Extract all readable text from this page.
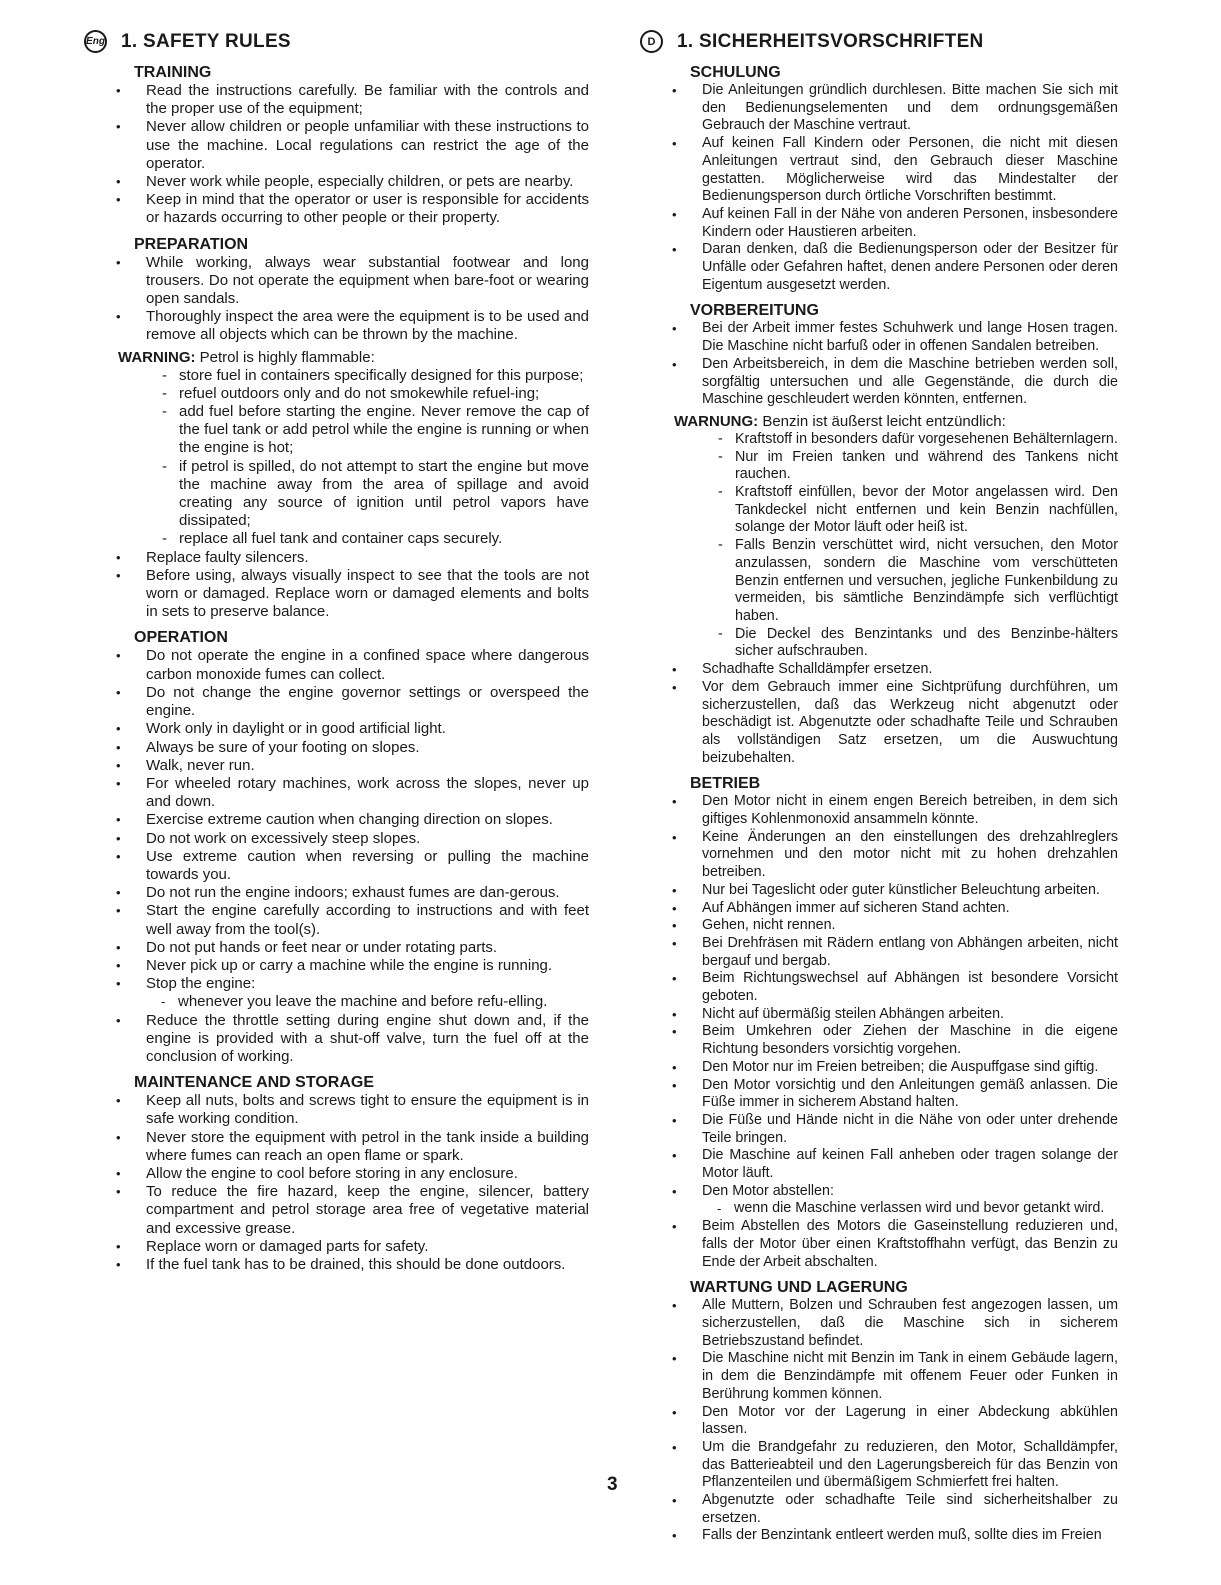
Eng 1. SAFETY RULES
TRAINING
• Read the instructions carefully. Be familiar with the controls and the proper use of the equipment;
• Never allow children or people unfamiliar with these instructions to use the machine. Local regulations can restrict the age of the operator.
• Never work while people, especially children, or pets are nearby.
• Keep in mind that the operator or user is responsible for accidents or hazards occurring to other people or their property.
PREPARATION
• While working, always wear substantial footwear and long trousers. Do not operate the equipment when bare-foot or wearing open sandals.
• Thoroughly inspect the area were the equipment is to be used and remove all objects which can be thrown by the machine.
WARNING: Petrol is highly flammable:
- store fuel in containers specifically designed for this purpose;
- refuel outdoors only and do not smokewhile refuel-ing;
- add fuel before starting the engine. Never remove the cap of the fuel tank or add petrol while the engine is running or when the engine is hot;
- if petrol is spilled, do not attempt to start the engine but move the machine away from the area of spillage and avoid creating any source of ignition until petrol vapors have dissipated;
- replace all fuel tank and container caps securely.
• Replace faulty silencers.
• Before using, always visually inspect to see that the tools are not worn or damaged. Replace worn or damaged elements and bolts in sets to preserve balance.
OPERATION
• Do not operate the engine in a confined space where dangerous carbon monoxide fumes can collect.
• Do not change the engine governor settings or overspeed the engine.
• Work only in daylight or in good artificial light.
• Always be sure of your footing on slopes.
• Walk, never run.
• For wheeled rotary machines, work across the slopes, never up and down.
• Exercise extreme caution when changing direction on slopes.
• Do not work on excessively steep slopes.
• Use extreme caution when reversing or pulling the machine towards you.
• Do not run the engine indoors; exhaust fumes are dan-gerous.
• Start the engine carefully according to instructions and with feet well away from the tool(s).
• Do not put hands or feet near or under rotating parts.
• Never pick up or carry a machine while the engine is running.
• Stop the engine:
- whenever you leave the machine and before refu-elling.
• Reduce the throttle setting during engine shut down and, if the engine is provided with a shut-off valve, turn the fuel off at the conclusion of working.
MAINTENANCE AND STORAGE
• Keep all nuts, bolts and screws tight to ensure the equipment is in safe working condition.
• Never store the equipment with petrol in the tank inside a building where fumes can reach an open flame or spark.
• Allow the engine to cool before storing in any enclosure.
• To reduce the fire hazard, keep the engine, silencer, battery compartment and petrol storage area free of vegetative material and excessive grease.
• Replace worn or damaged parts for safety.
• If the fuel tank has to be drained, this should be done outdoors.
D	1. SICHERHEITSVORSCHRIFTEN
SCHULUNG
• Die Anleitungen gründlich durchlesen. Bitte machen Sie sich mit den Bedienungselementen und dem ordnungsgemäßen Gebrauch der Maschine vertraut.
• Auf keinen Fall Kindern oder Personen, die nicht mit diesen Anleitungen vertraut sind, den Gebrauch dieser Maschine gestatten. Möglicherweise wird das Mindestalter der Bedienungsperson durch örtliche Vorschriften bestimmt.
• Auf keinen Fall in der Nähe von anderen Personen, insbesondere Kindern oder Haustieren arbeiten.
• Daran denken, daß die Bedienungsperson oder der Besitzer für Unfälle oder Gefahren haftet, denen andere Personen oder deren Eigentum ausgesetzt werden.
VORBEREITUNG
• Bei der Arbeit immer festes Schuhwerk und lange Hosen tragen. Die Maschine nicht barfuß oder in offenen Sandalen betreiben.
• Den Arbeitsbereich, in dem die Maschine betrieben werden soll, sorgfältig untersuchen und alle Gegenstände, die durch die Maschine geschleudert werden könnten, entfernen.
WARNUNG: Benzin ist äußerst leicht entzündlich:
- Kraftstoff in besonders dafür vorgesehenen Behälternlagern.
- Nur im Freien tanken und während des Tankens nicht rauchen.
- Kraftstoff einfüllen, bevor der Motor angelassen wird. Den Tankdeckel nicht entfernen und kein Benzin nachfüllen, solange der Motor läuft oder heiß ist.
- Falls Benzin verschüttet wird, nicht versuchen, den Motor anzulassen, sondern die Maschine vom verschütteten Benzin entfernen und versuchen, jegliche Funkenbildung zu vermeiden, bis sämtliche Benzindämpfe sich verflüchtigt haben.
- Die Deckel des Benzintanks und des Benzinbe-hälters sicher aufschrauben.
• Schadhafte Schalldämpfer ersetzen.
• Vor dem Gebrauch immer eine Sichtprüfung durchführen, um sicherzustellen, daß das Werkzeug nicht abgenutzt oder beschädigt ist. Abgenutzte oder schadhafte Teile und Schrauben als vollständigen Satz ersetzen, um die Auswuchtung beizubehalten.
BETRIEB
• Den Motor nicht in einem engen Bereich betreiben, in dem sich giftiges Kohlenmonoxid ansammeln könnte.
• Keine Änderungen an den einstellungen des drehzahlreglers vornehmen und den motor nicht mit zu hohen drehzahlen betreiben.
• Nur bei Tageslicht oder guter künstlicher Beleuchtung arbeiten.
• Auf Abhängen immer auf sicheren Stand achten.
• Gehen, nicht rennen.
• Bei Drehfräsen mit Rädern entlang von Abhängen arbeiten, nicht bergauf und bergab.
• Beim Richtungswechsel auf Abhängen ist besondere Vorsicht geboten.
• Nicht auf übermäßig steilen Abhängen arbeiten.
• Beim Umkehren oder Ziehen der Maschine in die eigene Richtung besonders vorsichtig vorgehen.
• Den Motor nur im Freien betreiben; die Auspuffgase sind giftig.
• Den Motor vorsichtig und den Anleitungen gemäß anlassen. Die Füße immer in sicherem Abstand halten.
• Die Füße und Hände nicht in die Nähe von oder unter drehende Teile bringen.
• Die Maschine auf keinen Fall anheben oder tragen solange der Motor läuft.
• Den Motor abstellen:
- wenn die Maschine verlassen wird und bevor getankt wird.
• Beim Abstellen des Motors die Gaseinstellung reduzieren und, falls der Motor über einen Kraftstoffhahn verfügt, das Benzin zu Ende der Arbeit abschalten.
WARTUNG UND LAGERUNG
• Alle Muttern, Bolzen und Schrauben fest angezogen lassen, um sicherzustellen, daß die Maschine sich in sicherem Betriebszustand befindet.
• Die Maschine nicht mit Benzin im Tank in einem Gebäude lagern, in dem die Benzindämpfe mit offenem Feuer oder Funken in Berührung kommen können.
• Den Motor vor der Lagerung in einer Abdeckung abkühlen lassen.
• Um die Brandgefahr zu reduzieren, den Motor, Schalldämpfer, das Batterieabteil und den Lagerungsbereich für das Benzin von Pflanzenteilen und übermäßigem Schmierfett frei halten.
• Abgenutzte oder schadhafte Teile sind sicherheitshalber zu ersetzen.
• Falls der Benzintank entleert werden muß, sollte dies im Freien
3
